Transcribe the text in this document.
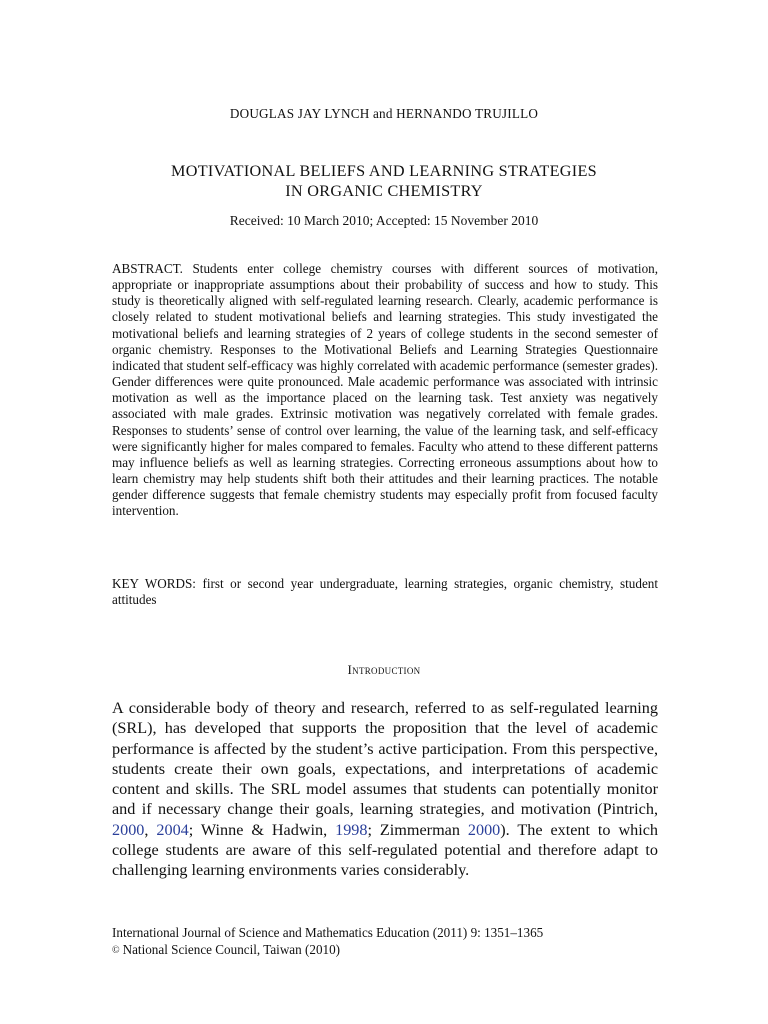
DOUGLAS JAY LYNCH and HERNANDO TRUJILLO
MOTIVATIONAL BELIEFS AND LEARNING STRATEGIES
IN ORGANIC CHEMISTRY
Received: 10 March 2010; Accepted: 15 November 2010

ABSTRACT. Students enter college chemistry courses with different sources of motivation, appropriate or inappropriate assumptions about their probability of success and how to study. This study is theoretically aligned with self-regulated learning research. Clearly, academic performance is closely related to student motivational beliefs and learning strategies. This study investigated the motivational beliefs and learning strategies of 2 years of college students in the second semester of organic chemistry. Responses to the Motivational Beliefs and Learning Strategies Questionnaire indicated that student self-efficacy was highly correlated with academic performance (semester grades). Gender differences were quite pronounced. Male academic performance was associated with intrinsic motivation as well as the importance placed on the learning task. Test anxiety was negatively associated with male grades. Extrinsic motivation was negatively correlated with female grades. Responses to students’ sense of control over learning, the value of the learning task, and self-efficacy were significantly higher for males compared to females. Faculty who attend to these different patterns may influence beliefs as well as learning strategies. Correcting erroneous assumptions about how to learn chemistry may help students shift both their attitudes and their learning practices. The notable gender difference suggests that female chemistry students may especially profit from focused faculty intervention.

KEY WORDS: first or second year undergraduate, learning strategies, organic chemistry, student attitudes

Introduction

A considerable body of theory and research, referred to as self-regulated learning (SRL), has developed that supports the proposition that the level of academic performance is affected by the student’s active participation. From this perspective, students create their own goals, expectations, and interpretations of academic content and skills. The SRL model assumes that students can potentially monitor and if necessary change their goals, learning strategies, and motivation (Pintrich, 2000, 2004; Winne & Hadwin, 1998; Zimmerman 2000). The extent to which college students are aware of this self-regulated potential and therefore adapt to challenging learning environments varies considerably.

International Journal of Science and Mathematics Education (2011) 9: 1351–1365
© National Science Council, Taiwan (2010)
